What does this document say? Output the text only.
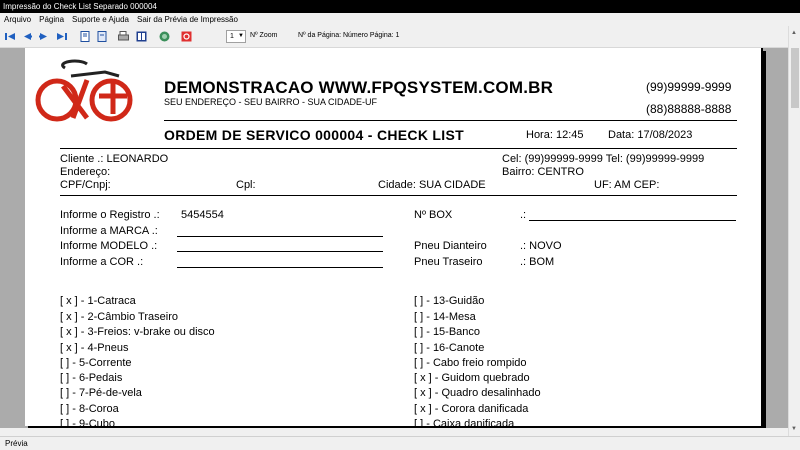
Impressão do Check List Separado 000004
Arquivo Página Suporte e Ajuda Sair da Prévia de Impressão
1 ▼ Nº Zoom	Nº da Página: Número Página: 1
DEMONSTRACAO WWW.FPQSYSTEM.COM.BR
SEU ENDEREÇO - SEU BAIRRO - SUA CIDADE-UF
(99)99999-9999
(88)88888-8888
ORDEM DE SERVICO 000004 - CHECK LIST	Hora: 12:45 Data: 17/08/2023
Cliente .: LEONARDO	Cel: (99)99999-9999 Tel: (99)99999-9999
Endereço:	Bairro: CENTRO
CPF/Cnpj:	Cpl:	Cidade: SUA CIDADE	UF: AM CEP:
Informe o Registro .: 5454554
Informe a MARCA .:
Informe MODELO .:
Informe a COR .:
Nº BOX	.:
Pneu Dianteiro	.: NOVO
Pneu Traseiro	.: BOM
[ x ] - 1-Catraca
[ x ] - 2-Câmbio Traseiro
[ x ] - 3-Freios: v-brake ou disco
[ x ] - 4-Pneus
[ ] - 5-Corrente
[ ] - 6-Pedais
[ ] - 7-Pé-de-vela
[ ] - 8-Coroa
[ ] - 9-Cubo
[ ] - 13-Guidão
[ ] - 14-Mesa
[ ] - 15-Banco
[ ] - 16-Canote
[ ] - Cabo freio rompido
[ x ] - Guidom quebrado
[ x ] - Quadro desalinhado
[ x ] - Corora danificada
[ ] - Caixa danificada
▲
▼
Prévia
